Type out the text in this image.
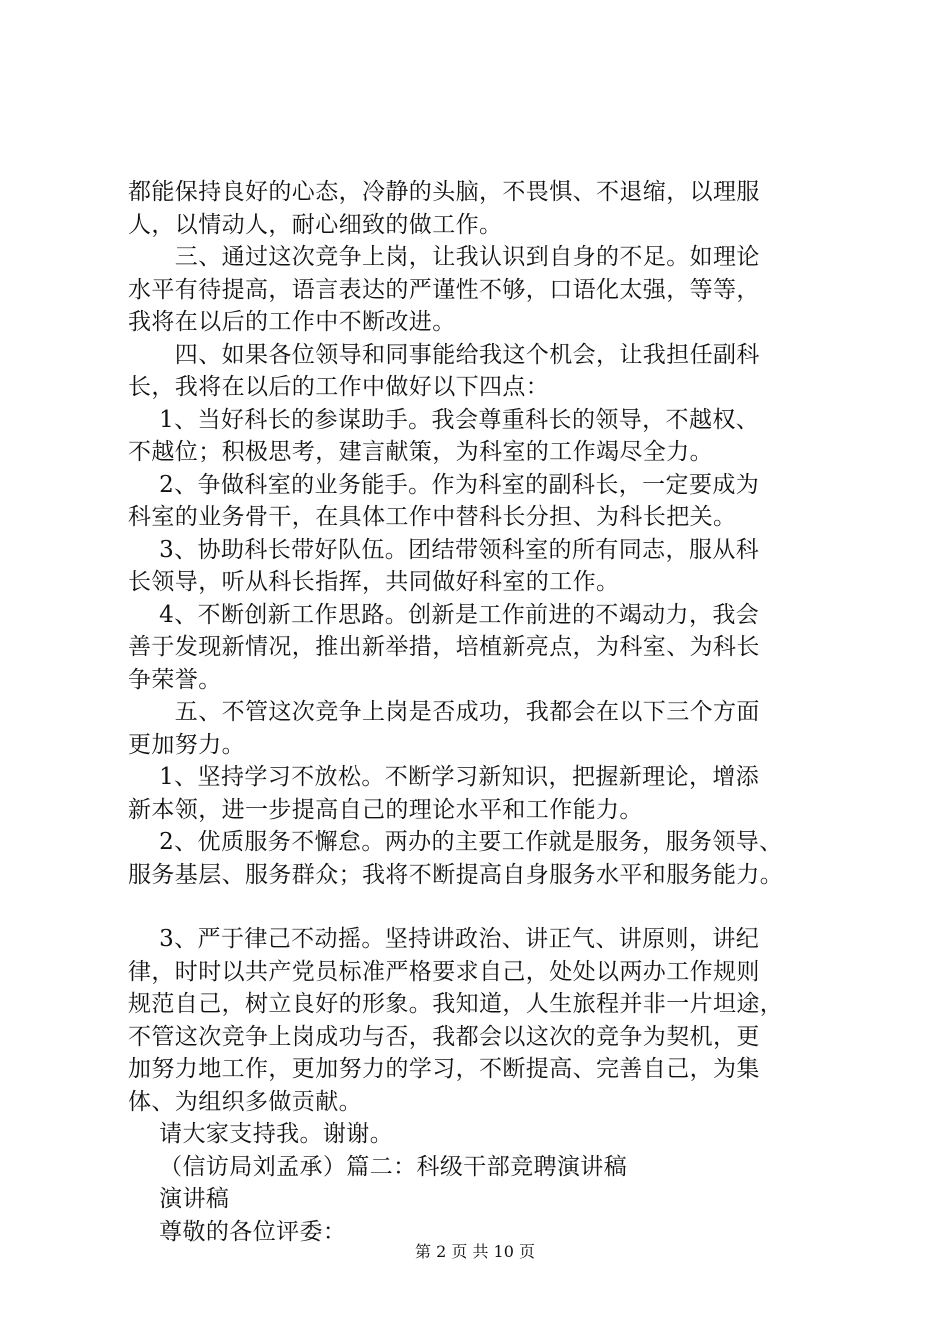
都能保持良好的心态，冷静的头脑，不畏惧、不退缩，以理服
人，以情动人，耐心细致的做工作。
　　三、通过这次竞争上岗，让我认识到自身的不足。如理论
水平有待提高，语言表达的严谨性不够，口语化太强，等等，
我将在以后的工作中不断改进。
　　四、如果各位领导和同事能给我这个机会，让我担任副科
长，我将在以后的工作中做好以下四点：
　 1、当好科长的参谋助手。我会尊重科长的领导，不越权、
不越位；积极思考，建言献策，为科室的工作竭尽全力。
　 2、争做科室的业务能手。作为科室的副科长，一定要成为
科室的业务骨干，在具体工作中替科长分担、为科长把关。
　 3、协助科长带好队伍。团结带领科室的所有同志，服从科
长领导，听从科长指挥，共同做好科室的工作。
　 4、不断创新工作思路。创新是工作前进的不竭动力，我会
善于发现新情况，推出新举措，培植新亮点，为科室、为科长
争荣誉。
　　五、不管这次竞争上岗是否成功，我都会在以下三个方面
更加努力。
　 1、坚持学习不放松。不断学习新知识，把握新理论，增添
新本领，进一步提高自己的理论水平和工作能力。
　 2、优质服务不懈怠。两办的主要工作就是服务，服务领导、
服务基层、服务群众；我将不断提高自身服务水平和服务能力。
　 3、严于律己不动摇。坚持讲政治、讲正气、讲原则，讲纪
律，时时以共产党员标准严格要求自己，处处以两办工作规则
规范自己，树立良好的形象。我知道，人生旅程并非一片坦途，
不管这次竞争上岗成功与否，我都会以这次的竞争为契机，更
加努力地工作，更加努力的学习，不断提高、完善自己，为集
体、为组织多做贡献。
　 请大家支持我。谢谢。
　 （信访局刘孟承）篇二：科级干部竞聘演讲稿
　 演讲稿
　 尊敬的各位评委：
第 2 页 共 10 页
